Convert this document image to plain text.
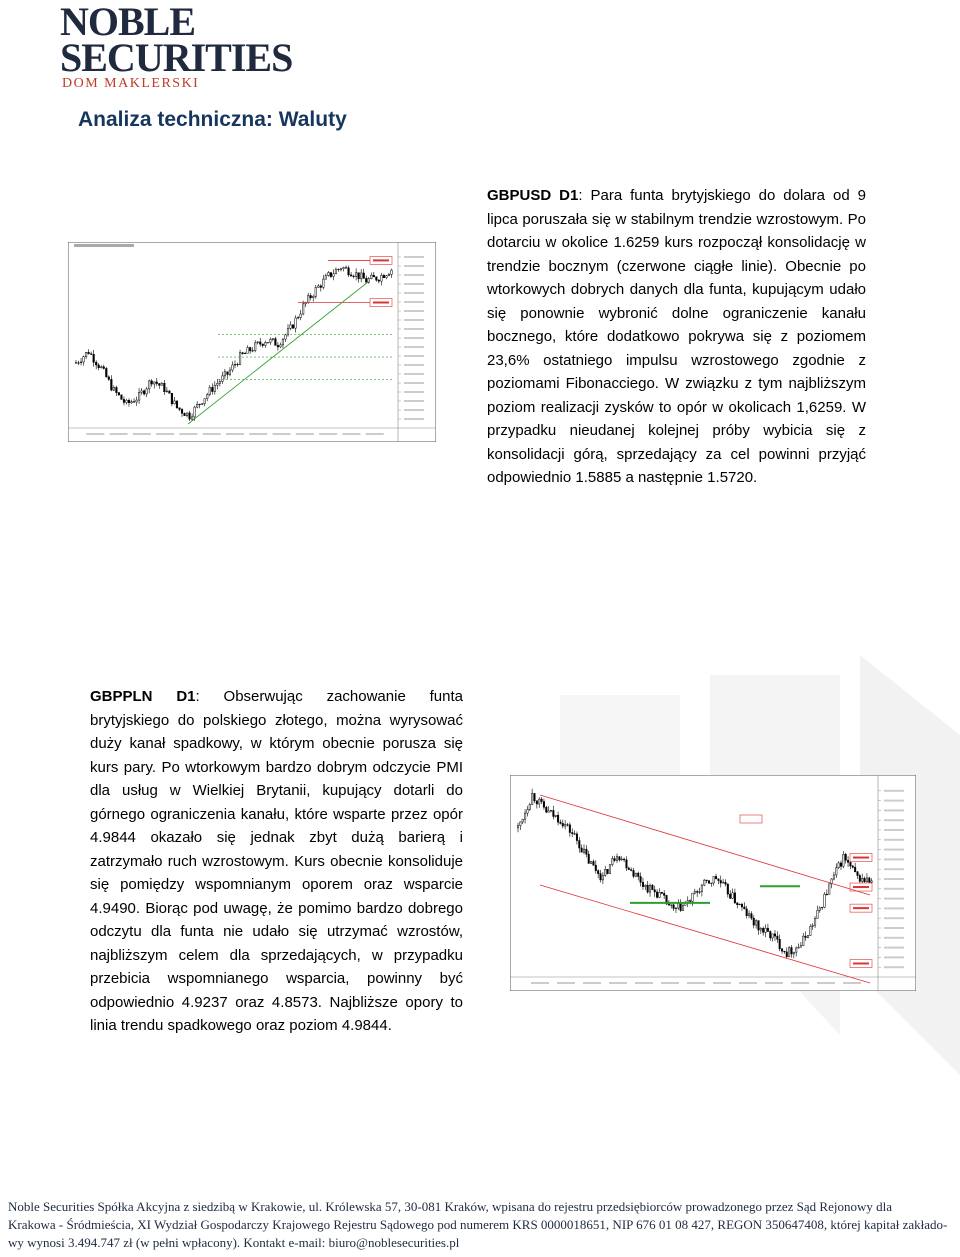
NOBLE
SECURITIES
DOM MAKLERSKI
Analiza techniczna: Waluty

GBPUSD D1: Para funta brytyjskiego do dolara od 9 lipca poruszała się w stabilnym trendzie wzrostowym. Po dotarciu w okolice 1.6259 kurs rozpoczął konsolidację w trendzie bocznym (czerwone ciągłe linie). Obecnie po wtorkowych dobrych danych dla funta, kupującym udało się ponownie wybronić dolne ograniczenie kanału bocznego, które dodatkowo pokrywa się z poziomem 23,6% ostatniego impulsu wzrostowego zgodnie z poziomami Fibonacciego. W związku z tym najbliższym poziom realizacji zysków to opór w okolicach 1,6259. W przypadku nieudanej kolejnej próby wybicia się z konsolidacji górą, sprzedający za cel powinni przyjąć odpowiednio 1.5885 a następnie 1.5720.

GBPPLN D1: Obserwując zachowanie funta brytyjskiego do polskiego złotego, można wyrysować duży kanał spadkowy, w którym obecnie porusza się kurs pary. Po wtorkowym bardzo dobrym odczycie PMI dla usług w Wielkiej Brytanii, kupujący dotarli do górnego ograniczenia kanału, które wsparte przez opór 4.9844 okazało się jednak zbyt dużą barierą i zatrzymało ruch wzrostowym. Kurs obecnie konsoliduje się pomiędzy wspomnianym oporem oraz wsparcie 4.9490. Biorąc pod uwagę, że pomimo bardzo dobrego odczytu dla funta nie udało się utrzymać wzrostów, najbliższym celem dla sprzedających, w przypadku przebicia wspomnianego wsparcia, powinny być odpowiednio 4.9237 oraz 4.8573. Najbliższe opory to linia trendu spadkowego oraz poziom 4.9844.

Noble Securities Spółka Akcyjna z siedzibą w Krakowie, ul. Królewska 57, 30-081 Kraków, wpisana do rejestru przedsiębiorców prowadzonego przez Sąd Rejonowy dla
Krakowa - Śródmieścia, XI Wydział Gospodarczy Krajowego Rejestru Sądowego pod numerem KRS 0000018651, NIP 676 01 08 427, REGON 350647408, której kapitał zakłado-
wy wynosi 3.494.747 zł (w pełni wpłacony). Kontakt e-mail: biuro@noblesecurities.pl
